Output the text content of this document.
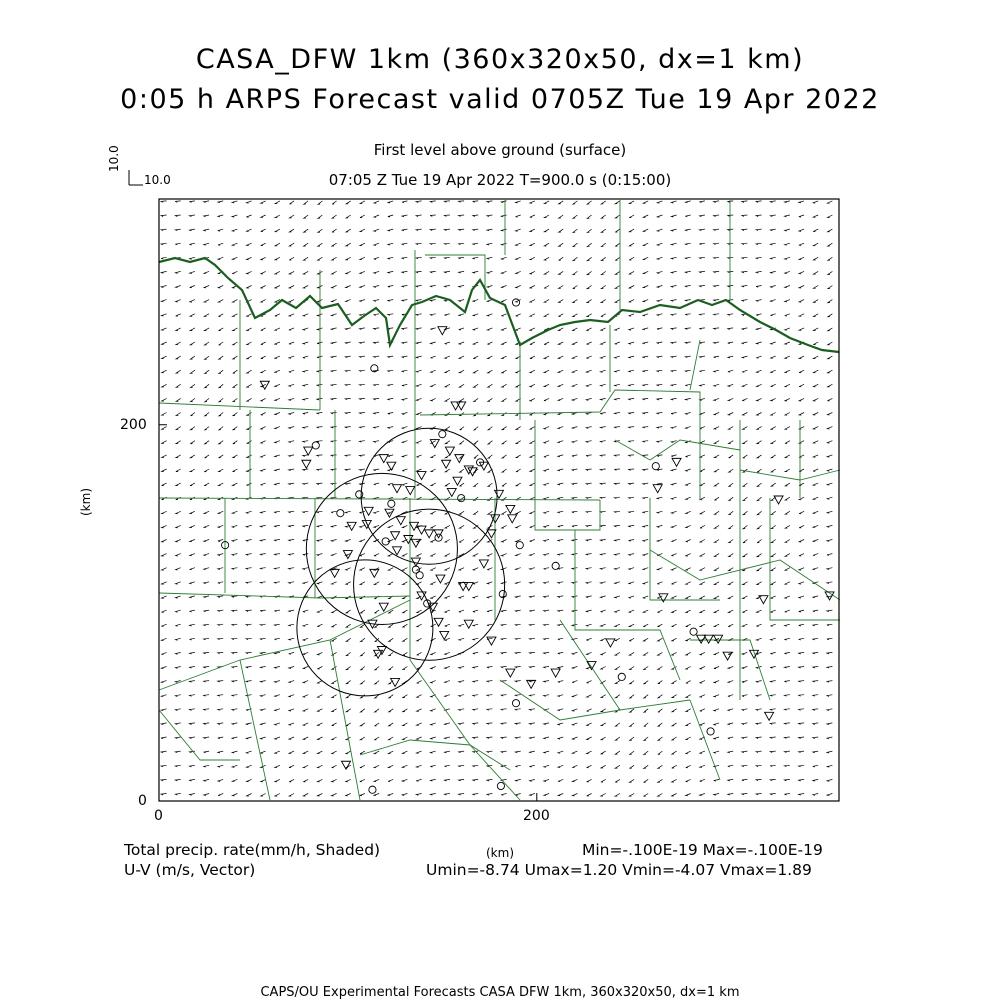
CASA_DFW 1km (360x320x50, dx=1 km)
0:05 h ARPS Forecast valid 0705Z Tue 19 Apr 2022
First level above ground (surface)
07:05 Z Tue 19 Apr 2022 T=900.0 s (0:15:00)
10.0
10.0
200
0
0	200
(km)
(km)
Total precip. rate(mm/h, Shaded)
U-V (m/s, Vector)
Min=-.100E-19 Max=-.100E-19
Umin=-8.74 Umax=1.20 Vmin=-4.07 Vmax=1.89
CAPS/OU Experimental Forecasts CASA DFW 1km, 360x320x50, dx=1 km
